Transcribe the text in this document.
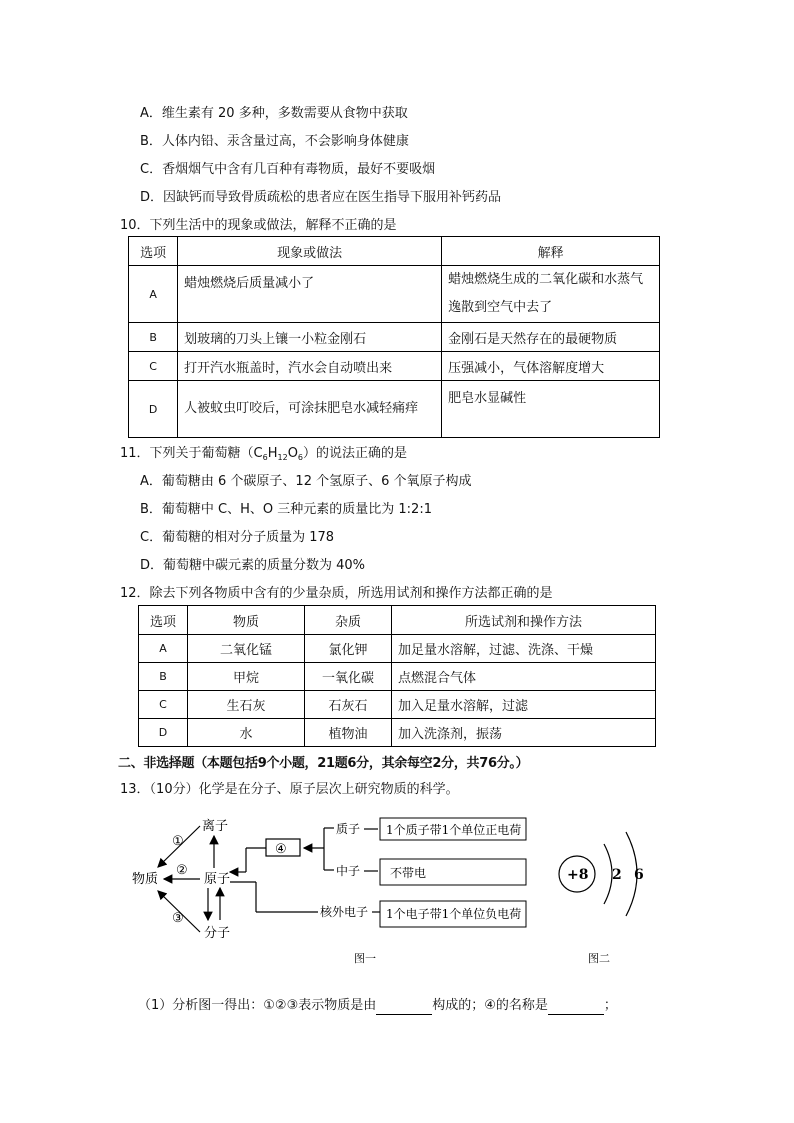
A．维生素有 20 多种，多数需要从食物中获取
B．人体内铅、汞含量过高，不会影响身体健康
C．香烟烟气中含有几百种有毒物质，最好不要吸烟
D．因缺钙而导致骨质疏松的患者应在医生指导下服用补钙药品
10．下列生活中的现象或做法，解释不正确的是
选项	现象或做法	解释
A	蜡烛燃烧后质量减小了	蜡烛燃烧生成的二氧化碳和水蒸气逸散到空气中去了
B	划玻璃的刀头上镶一小粒金刚石	金刚石是天然存在的最硬物质
C	打开汽水瓶盖时，汽水会自动喷出来	压强减小，气体溶解度增大
D	人被蚊虫叮咬后，可涂抹肥皂水减轻痛痒	肥皂水显碱性
11．下列关于葡萄糖$(C_6H_{12}O_6)$的说法正确的是
A．葡萄糖由 6 个碳原子、12 个氢原子、6 个氧原子构成
B．葡萄糖中 C、H、O 三种元素的质量比为 1:2:1
C．葡萄糖的相对分子质量为 178
D．葡萄糖中碳元素的质量分数为 40%
12．除去下列各物质中含有的少量杂质，所选用试剂和操作方法都正确的是
选项	物质	杂质	所选试剂和操作方法
A	二氧化锰	氯化钾	加足量水溶解，过滤、洗涤、干燥
B	甲烷	一氧化碳	点燃混合气体
C	生石灰	石灰石	加入足量水溶解，过滤
D	水	植物油	加入洗涤剂，振荡
二、非选择题（本题包括9个小题，21题6分，其余每空2分，共76分。）
13．（10分）化学是在分子、原子层次上研究物质的科学。
离子
物质	原子
分子
①
②
③
④
质子
中子
核外电子
1个质子带1个单位正电荷
不带电
1个电子带1个单位负电荷
图一
+8 2 6
图二
（1）分析图一得出：①②③表示物质是由	构成的；④的名称是	；
